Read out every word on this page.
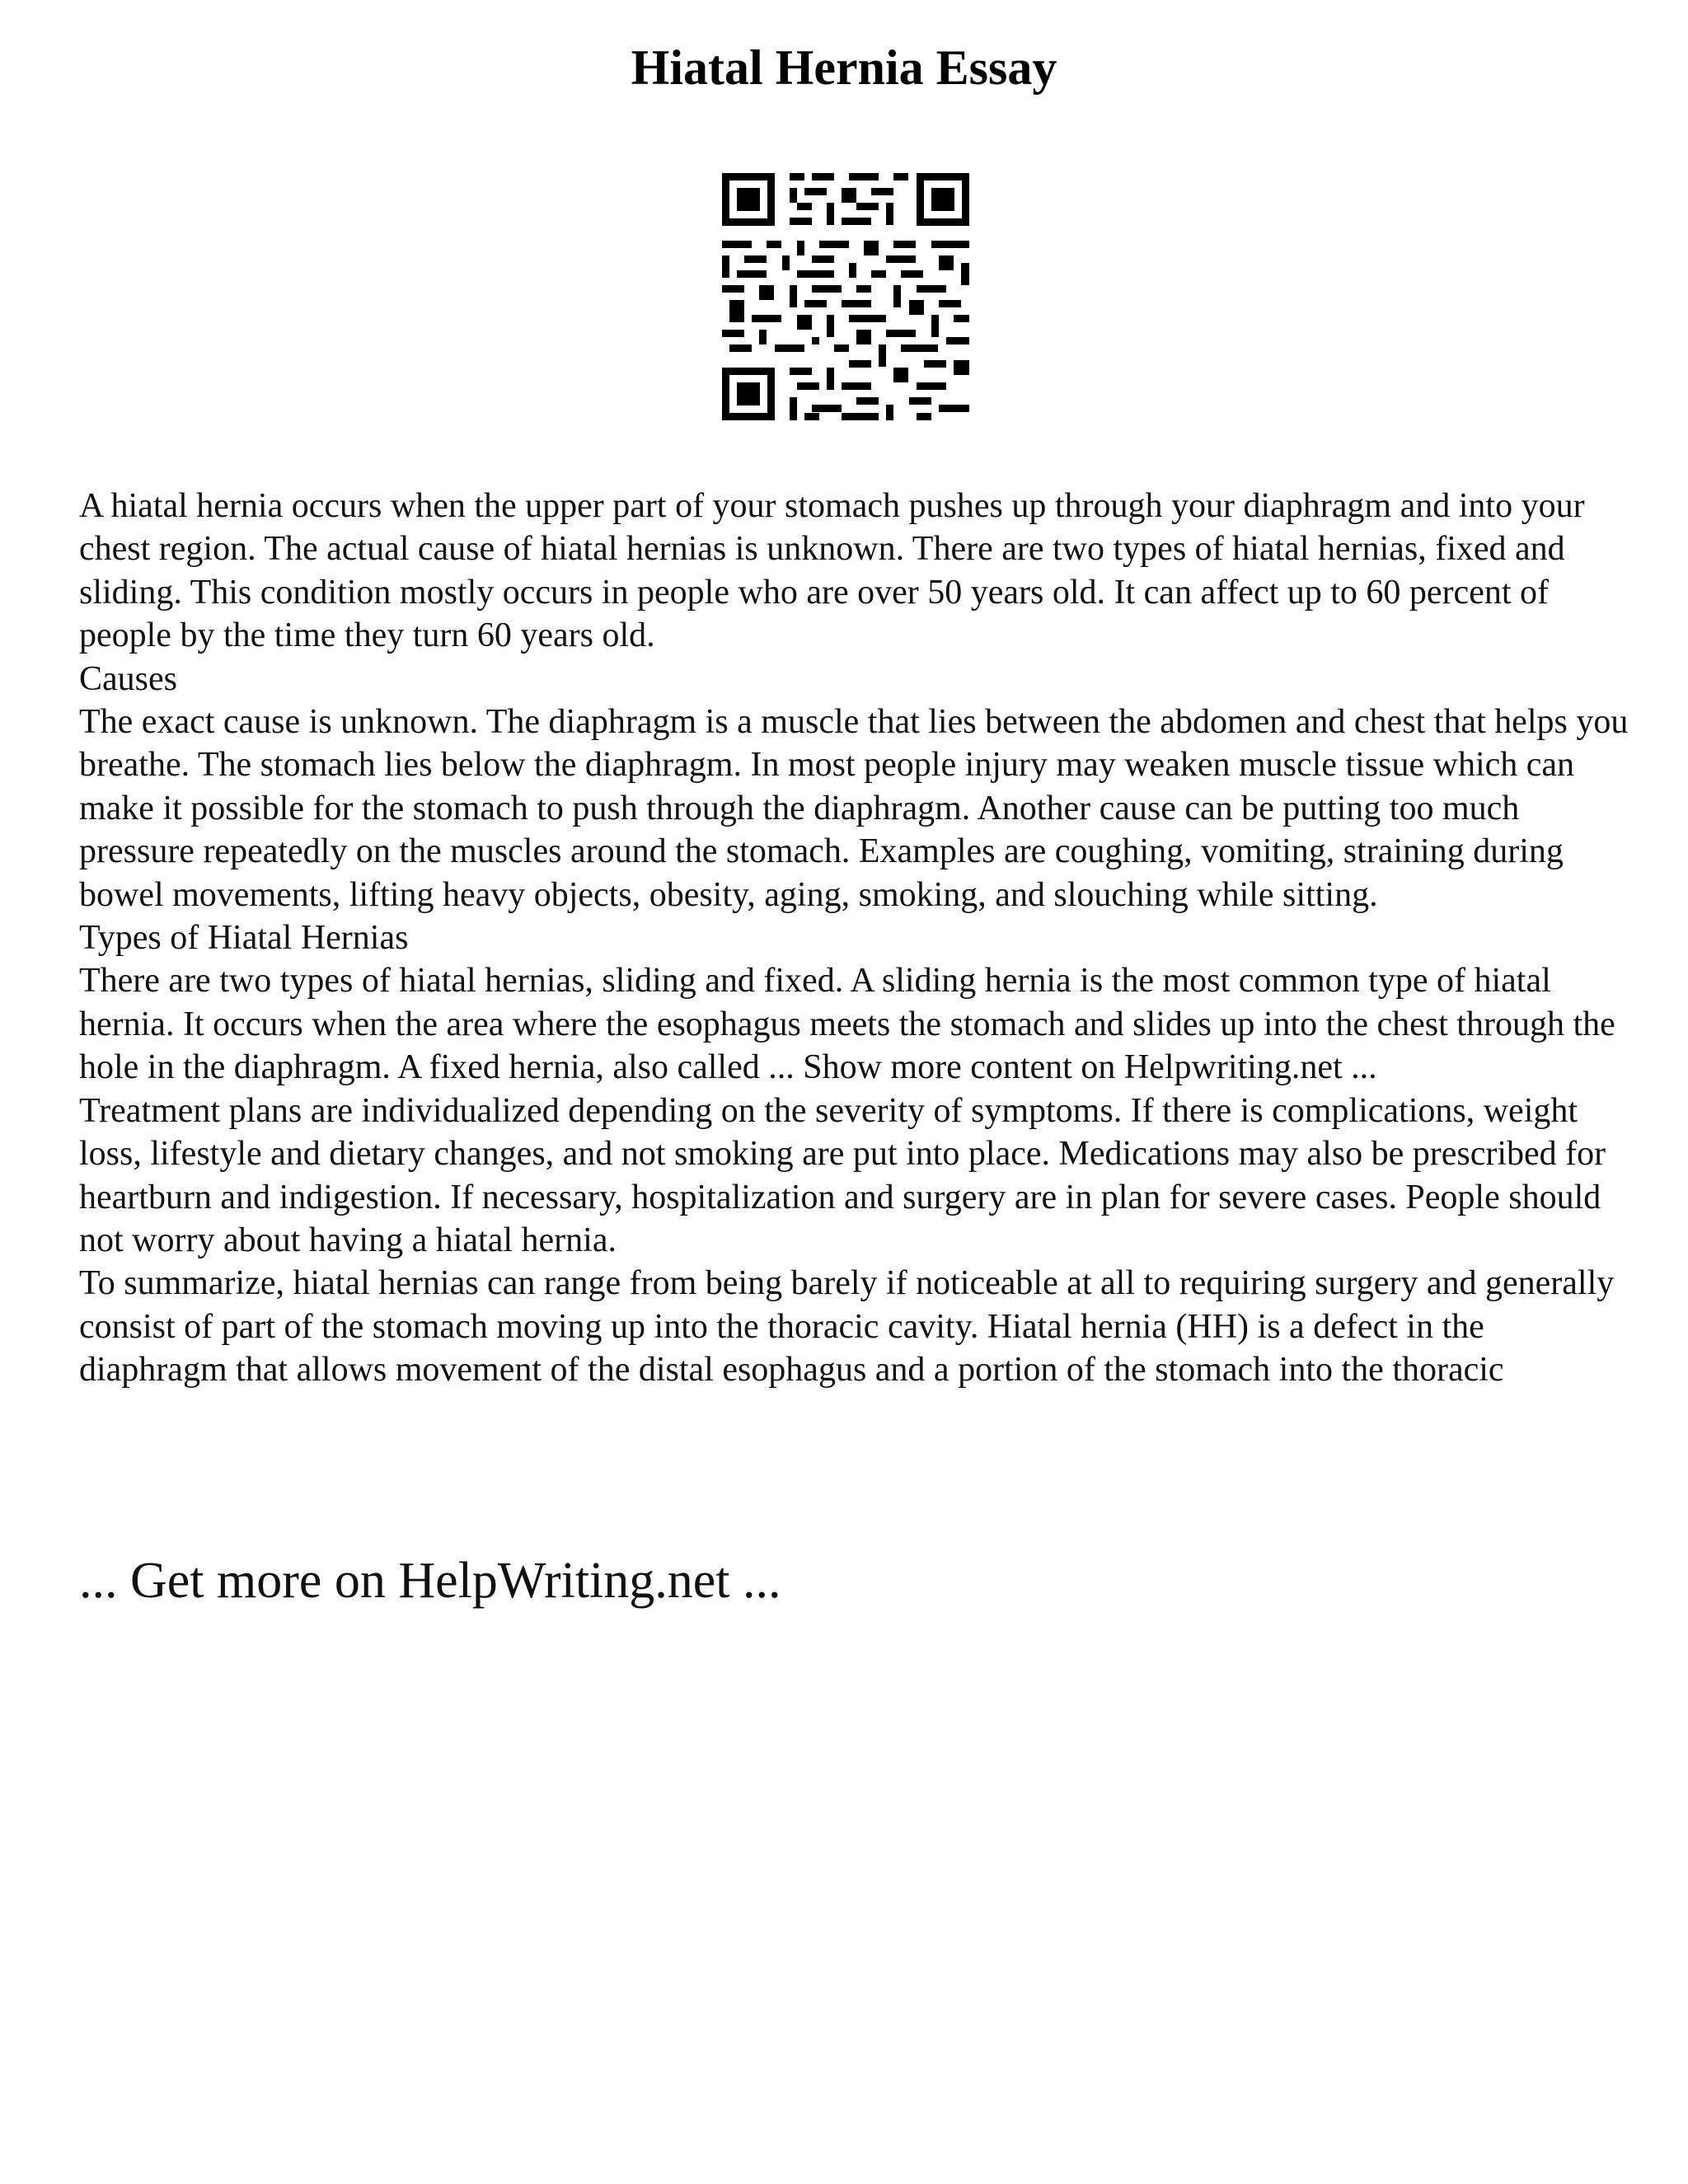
Hiatal Hernia Essay

A hiatal hernia occurs when the upper part of your stomach pushes up through your diaphragm and into your chest region. The actual cause of hiatal hernias is unknown. There are two types of hiatal hernias, fixed and sliding. This condition mostly occurs in people who are over 50 years old. It can affect up to 60 percent of people by the time they turn 60 years old.

Causes

The exact cause is unknown. The diaphragm is a muscle that lies between the abdomen and chest that helps you breathe. The stomach lies below the diaphragm. In most people injury may weaken muscle tissue which can make it possible for the stomach to push through the diaphragm. Another cause can be putting too much pressure repeatedly on the muscles around the stomach. Examples are coughing, vomiting, straining during bowel movements, lifting heavy objects, obesity, aging, smoking, and slouching while sitting.

Types of Hiatal Hernias

There are two types of hiatal hernias, sliding and fixed. A sliding hernia is the most common type of hiatal hernia. It occurs when the area where the esophagus meets the stomach and slides up into the chest through the hole in the diaphragm. A fixed hernia, also called ... Show more content on Helpwriting.net ...

Treatment plans are individualized depending on the severity of symptoms. If there is complications, weight loss, lifestyle and dietary changes, and not smoking are put into place. Medications may also be prescribed for heartburn and indigestion. If necessary, hospitalization and surgery are in plan for severe cases. People should not worry about having a hiatal hernia.

To summarize, hiatal hernias can range from being barely if noticeable at all to requiring surgery and generally consist of part of the stomach moving up into the thoracic cavity. Hiatal hernia (HH) is a defect in the diaphragm that allows movement of the distal esophagus and a portion of the stomach into the thoracic

... Get more on HelpWriting.net ...
